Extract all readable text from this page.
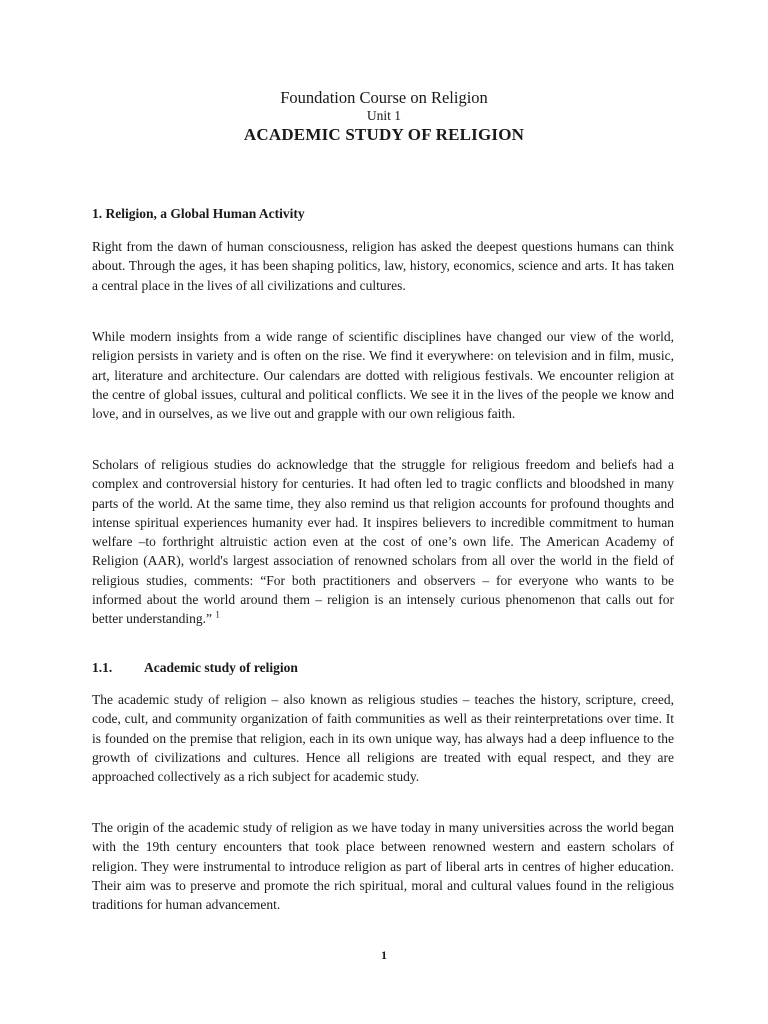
Foundation Course on Religion
Unit 1
ACADEMIC STUDY OF RELIGION
1. Religion, a Global Human Activity

Right from the dawn of human consciousness, religion has asked the deepest questions humans can think about. Through the ages, it has been shaping politics, law, history, economics, science and arts. It has taken a central place in the lives of all civilizations and cultures.

While modern insights from a wide range of scientific disciplines have changed our view of the world, religion persists in variety and is often on the rise. We find it everywhere: on television and in film, music, art, literature and architecture. Our calendars are dotted with religious festivals. We encounter religion at the centre of global issues, cultural and political conflicts. We see it in the lives of the people we know and love, and in ourselves, as we live out and grapple with our own religious faith.

Scholars of religious studies do acknowledge that the struggle for religious freedom and beliefs had a complex and controversial history for centuries. It had often led to tragic conflicts and bloodshed in many parts of the world. At the same time, they also remind us that religion accounts for profound thoughts and intense spiritual experiences humanity ever had. It inspires believers to incredible commitment to human welfare –to forthright altruistic action even at the cost of one’s own life. The American Academy of Religion (AAR), world's largest association of renowned scholars from all over the world in the field of religious studies, comments: “For both practitioners and observers – for everyone who wants to be informed about the world around them – religion is an intensely curious phenomenon that calls out for better understanding.” $^1$

1.1. Academic study of religion

The academic study of religion – also known as religious studies – teaches the history, scripture, creed, code, cult, and community organization of faith communities as well as their reinterpretations over time. It is founded on the premise that religion, each in its own unique way, has always had a deep influence to the growth of civilizations and cultures. Hence all religions are treated with equal respect, and they are approached collectively as a rich subject for academic study.

The origin of the academic study of religion as we have today in many universities across the world began with the 19th century encounters that took place between renowned western and eastern scholars of religion. They were instrumental to introduce religion as part of liberal arts in centres of higher education. Their aim was to preserve and promote the rich spiritual, moral and cultural values found in the religious traditions for human advancement.

1
